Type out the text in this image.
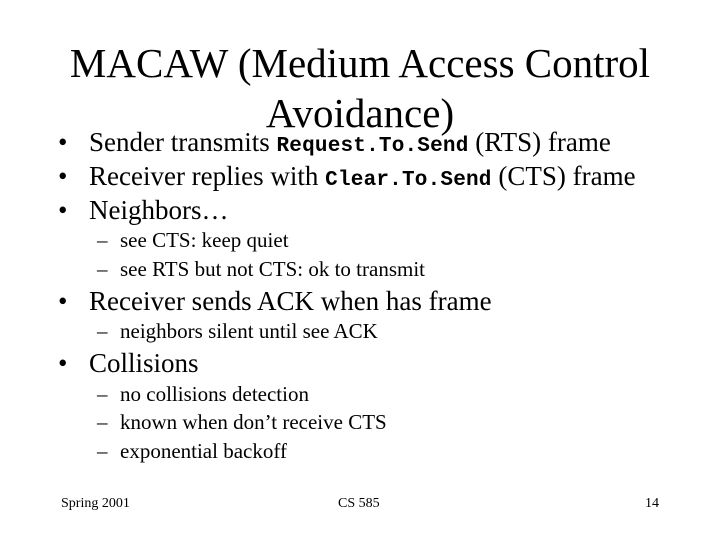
MACAW (Medium Access Control
Avoidance)
• Sender transmits Request.To.Send (RTS) frame
• Receiver replies with Clear.To.Send (CTS) frame
• Neighbors…
– see CTS: keep quiet
– see RTS but not CTS: ok to transmit
• Receiver sends ACK when has frame
– neighbors silent until see ACK
• Collisions
– no collisions detection
– known when don’t receive CTS
– exponential backoff
Spring 2001	CS 585	14
